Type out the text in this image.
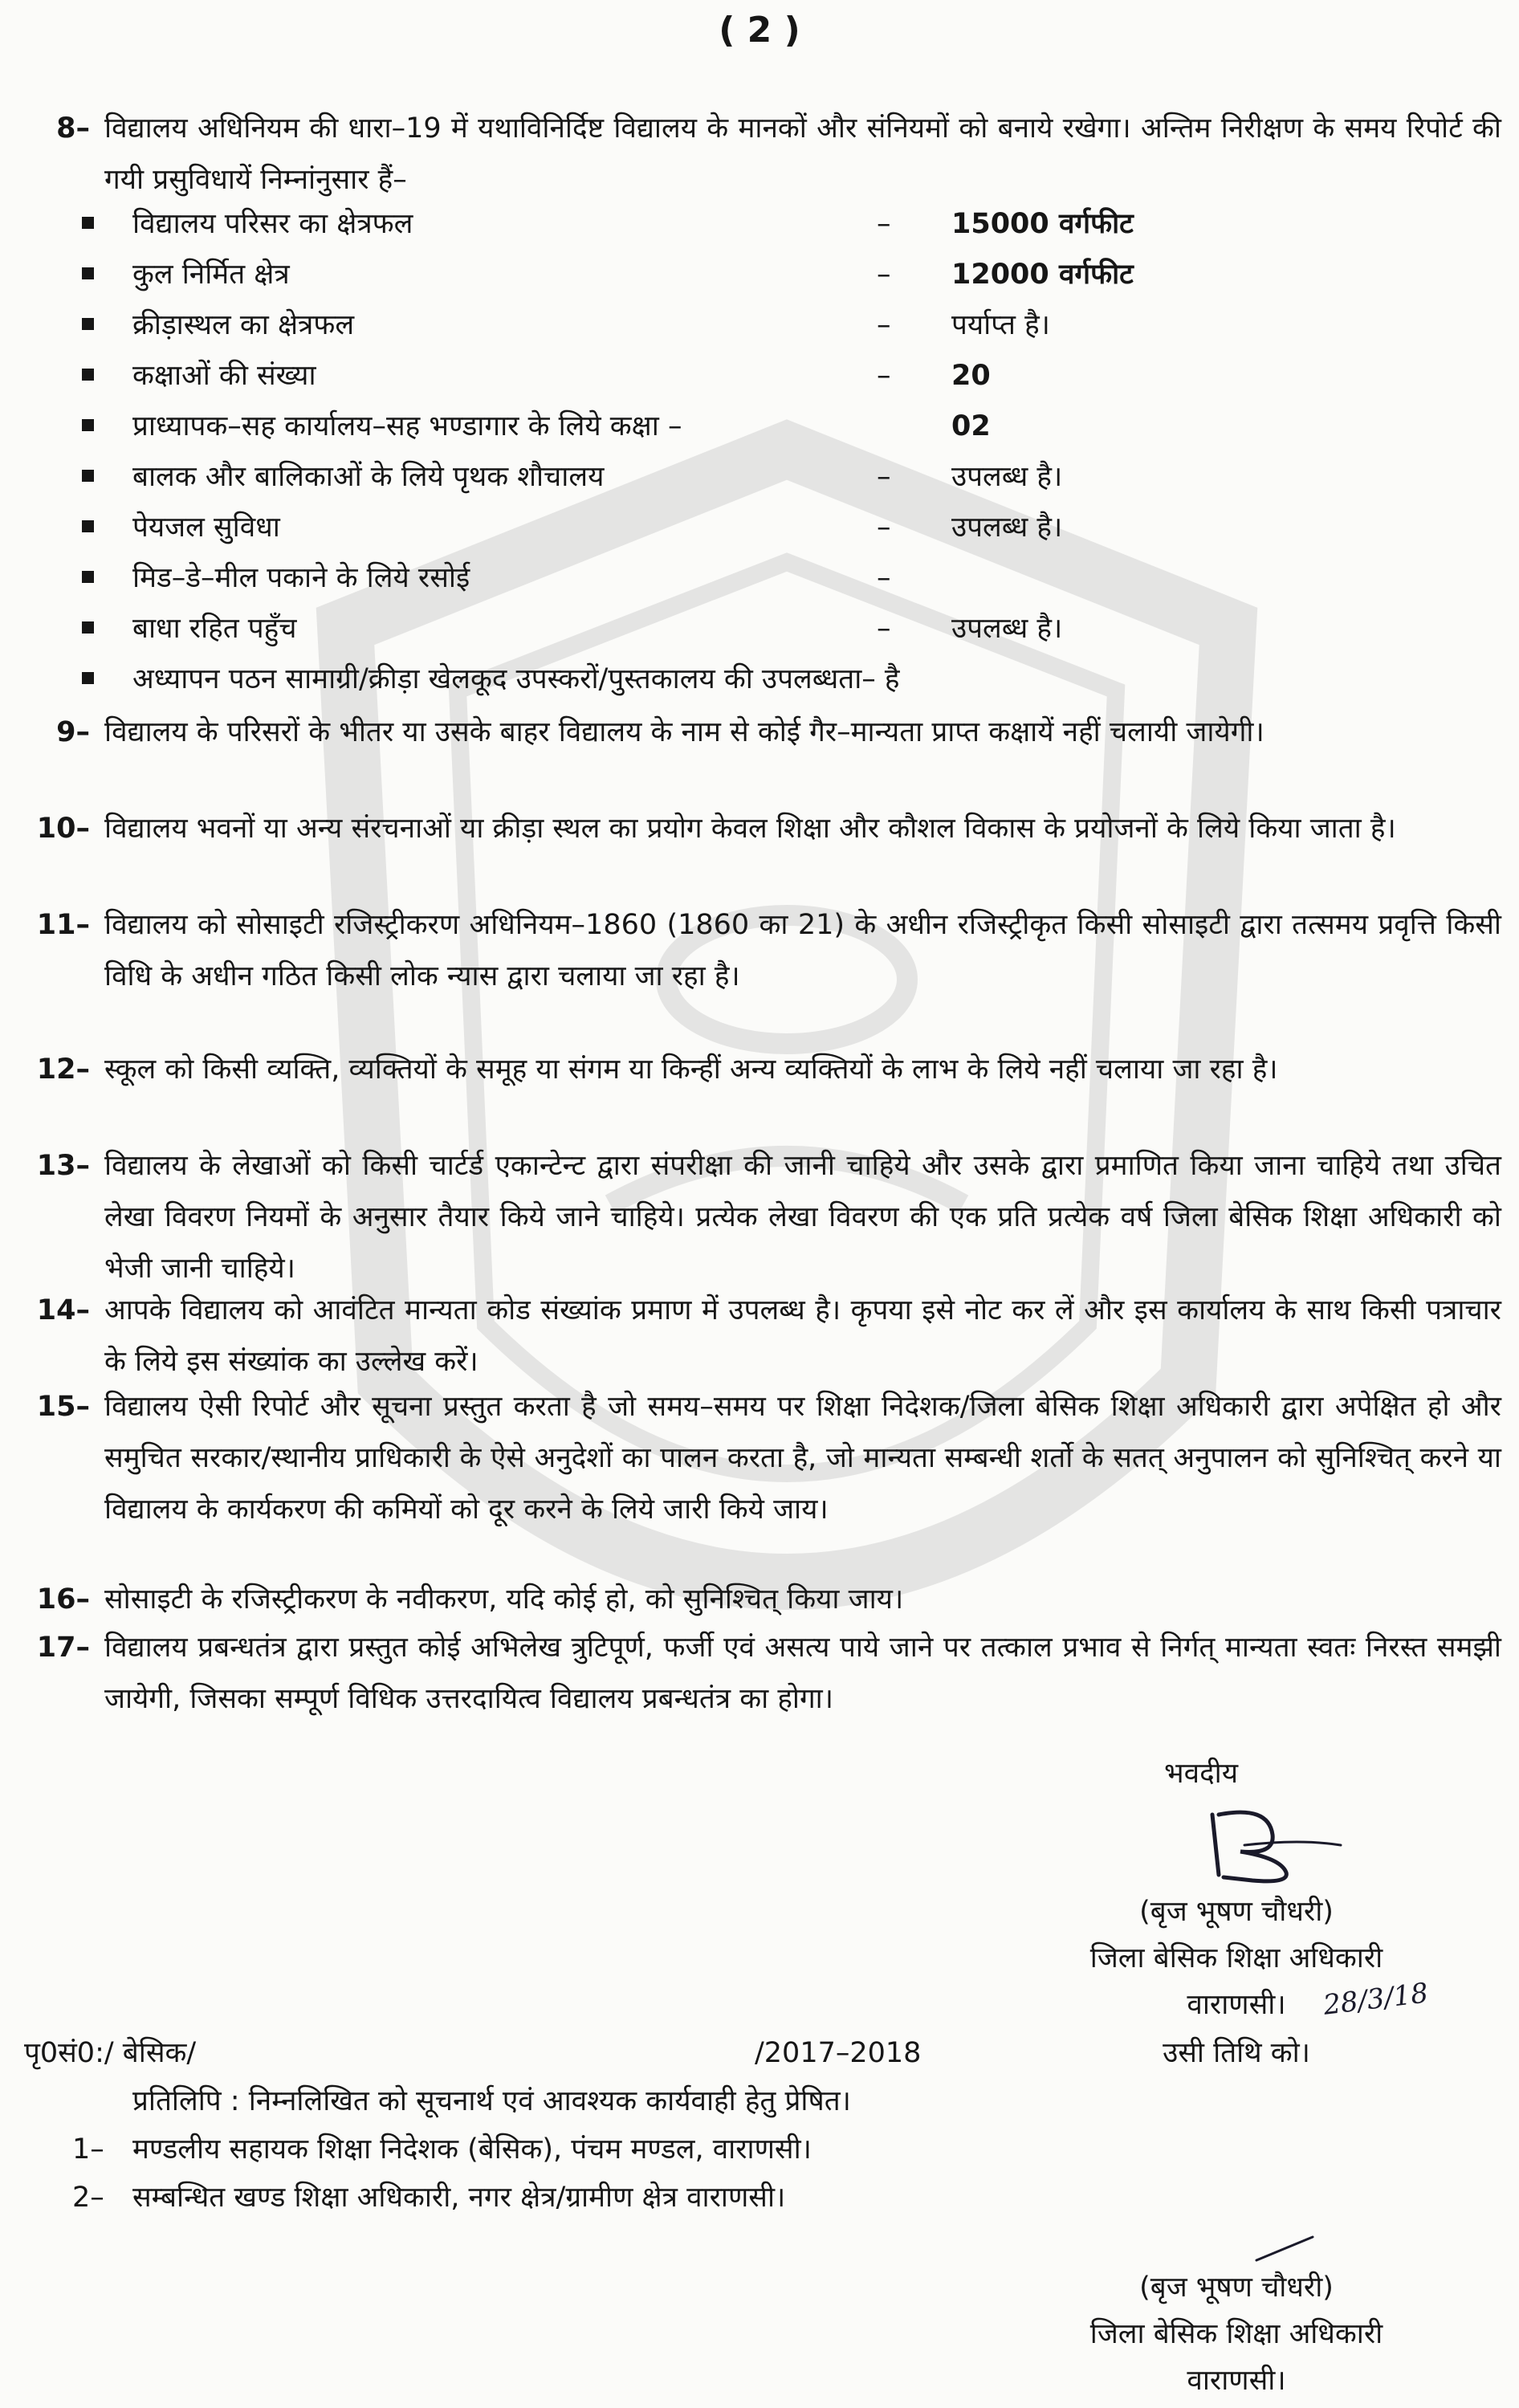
( 2 )
8– विद्यालय अधिनियम की धारा–19 में यथाविनिर्दिष्ट विद्यालय के मानकों और संनियमों को बनाये रखेगा। अन्तिम निरीक्षण के समय रिपोर्ट की गयी प्रसुविधायें निम्नांनुसार हैं–
विद्यालय परिसर का क्षेत्रफल	– 15000 वर्गफीट
कुल निर्मित क्षेत्र	– 12000 वर्गफीट
क्रीड़ास्थल का क्षेत्रफल	– पर्याप्त है।
कक्षाओं की संख्या	– 20
प्राध्यापक–सह कार्यालय–सह भण्डागार के लिये कक्षा –	02
बालक और बालिकाओं के लिये पृथक शौचालय	– उपलब्ध है।
पेयजल सुविधा	– उपलब्ध है।
मिड–डे–मील पकाने के लिये रसोई	–
बाधा रहित पहुँच	– उपलब्ध है।
अध्यापन पठन सामाग्री/क्रीड़ा खेलकूद उपस्करों/पुस्तकालय की उपलब्धता– है
9– विद्यालय के परिसरों के भीतर या उसके बाहर विद्यालय के नाम से कोई गैर–मान्यता प्राप्त कक्षायें नहीं चलायी जायेगी।
10– विद्यालय भवनों या अन्य संरचनाओं या क्रीड़ा स्थल का प्रयोग केवल शिक्षा और कौशल विकास के प्रयोजनों के लिये किया जाता है।
11– विद्यालय को सोसाइटी रजिस्ट्रीकरण अधिनियम–1860 (1860 का 21) के अधीन रजिस्ट्रीकृत किसी सोसाइटी द्वारा तत्समय प्रवृत्ति किसी विधि के अधीन गठित किसी लोक न्यास द्वारा चलाया जा रहा है।
12– स्कूल को किसी व्यक्ति, व्यक्तियों के समूह या संगम या किन्हीं अन्य व्यक्तियों के लाभ के लिये नहीं चलाया जा रहा है।
13– विद्यालय के लेखाओं को किसी चार्टर्ड एकान्टेन्ट द्वारा संपरीक्षा की जानी चाहिये और उसके द्वारा प्रमाणित किया जाना चाहिये तथा उचित लेखा विवरण नियमों के अनुसार तैयार किये जाने चाहिये। प्रत्येक लेखा विवरण की एक प्रति प्रत्येक वर्ष जिला बेसिक शिक्षा अधिकारी को भेजी जानी चाहिये।
14– आपके विद्यालय को आवंटित मान्यता कोड संख्यांक प्रमाण में उपलब्ध है। कृपया इसे नोट कर लें और इस कार्यालय के साथ किसी पत्राचार के लिये इस संख्यांक का उल्लेख करें।
15– विद्यालय ऐसी रिपोर्ट और सूचना प्रस्तुत करता है जो समय–समय पर शिक्षा निदेशक/जिला बेसिक शिक्षा अधिकारी द्वारा अपेक्षित हो और समुचित सरकार/स्थानीय प्राधिकारी के ऐसे अनुदेशों का पालन करता है, जो मान्यता सम्बन्धी शर्तो के सतत् अनुपालन को सुनिश्चित् करने या विद्यालय के कार्यकरण की कमियों को दूर करने के लिये जारी किये जाय।
16– सोसाइटी के रजिस्ट्रीकरण के नवीकरण, यदि कोई हो, को सुनिश्चित् किया जाय।
17– विद्यालय प्रबन्धतंत्र द्वारा प्रस्तुत कोई अभिलेख त्रुटिपूर्ण, फर्जी एवं असत्य पाये जाने पर तत्काल प्रभाव से निर्गत् मान्यता स्वतः निरस्त समझी जायेगी, जिसका सम्पूर्ण विधिक उत्तरदायित्व विद्यालय प्रबन्धतंत्र का होगा।
भवदीय
(बृज भूषण चौधरी)
जिला बेसिक शिक्षा अधिकारी
वाराणसी।	28/3/18
पृ0सं0:/ बेसिक/	/2017–2018	उसी तिथि को।
प्रतिलिपि : निम्नलिखित को सूचनार्थ एवं आवश्यक कार्यवाही हेतु प्रेषित।
1– मण्डलीय सहायक शिक्षा निदेशक (बेसिक), पंचम मण्डल, वाराणसी।
2– सम्बन्धित खण्ड शिक्षा अधिकारी, नगर क्षेत्र/ग्रामीण क्षेत्र वाराणसी।
(बृज भूषण चौधरी)
जिला बेसिक शिक्षा अधिकारी
वाराणसी।
